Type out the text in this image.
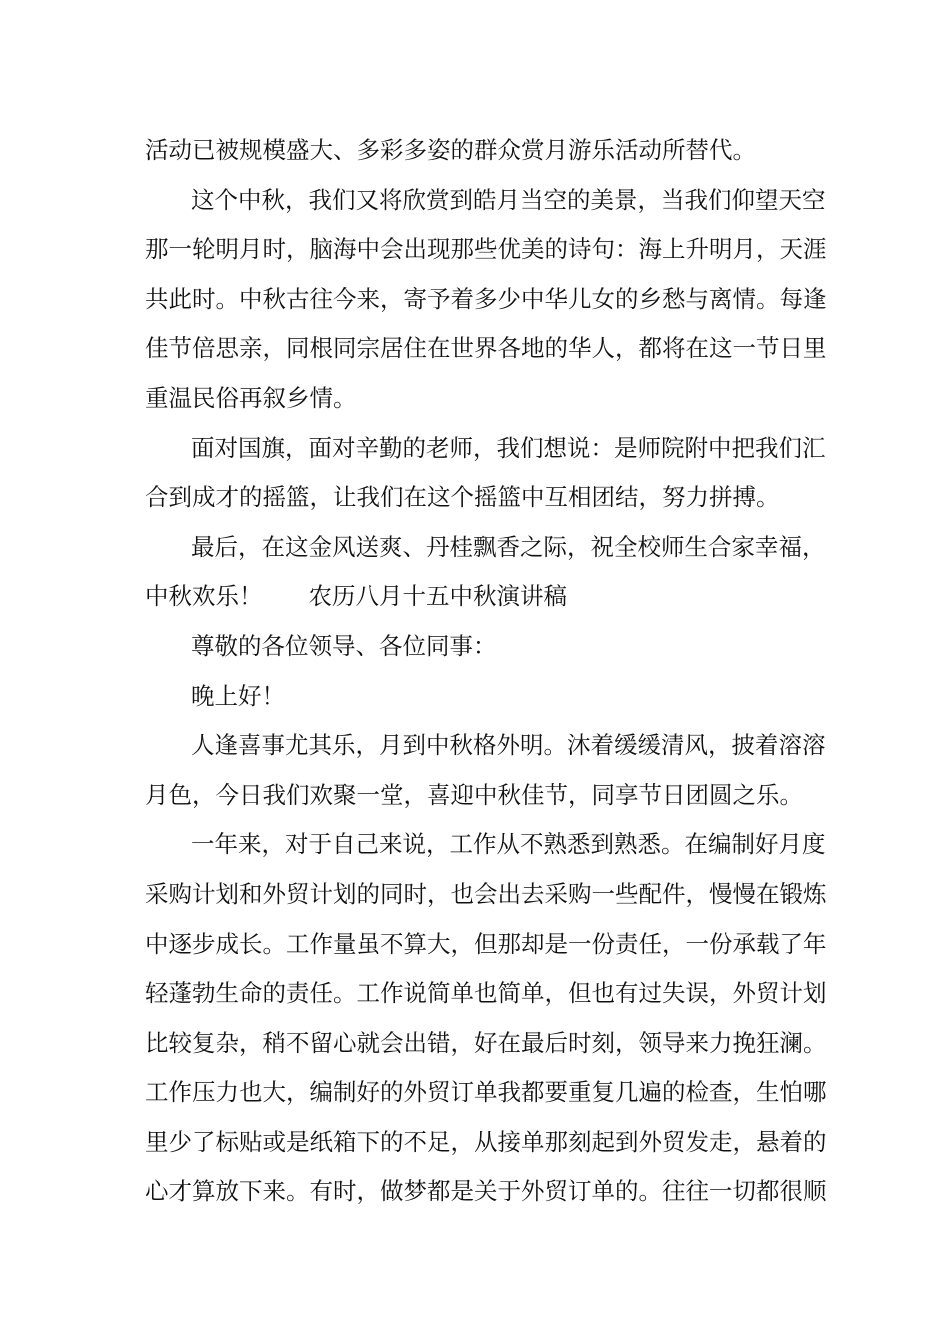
活动已被规模盛大、多彩多姿的群众赏月游乐活动所替代。
这个中秋，我们又将欣赏到皓月当空的美景，当我们仰望天空
那一轮明月时，脑海中会出现那些优美的诗句：海上升明月，天涯
共此时。中秋古往今来，寄予着多少中华儿女的乡愁与离情。每逢
佳节倍思亲，同根同宗居住在世界各地的华人，都将在这一节日里
重温民俗再叙乡情。
面对国旗，面对辛勤的老师，我们想说：是师院附中把我们汇
合到成才的摇篮，让我们在这个摇篮中互相团结，努力拼搏。
最后，在这金风送爽、丹桂飘香之际，祝全校师生合家幸福，
中秋欢乐！ 农历八月十五中秋演讲稿
尊敬的各位领导、各位同事：
晚上好！
人逢喜事尤其乐，月到中秋格外明。沐着缓缓清风，披着溶溶
月色，今日我们欢聚一堂，喜迎中秋佳节，同享节日团圆之乐。
一年来，对于自己来说，工作从不熟悉到熟悉。在编制好月度
采购计划和外贸计划的同时，也会出去采购一些配件，慢慢在锻炼
中逐步成长。工作量虽不算大，但那却是一份责任，一份承载了年
轻蓬勃生命的责任。工作说简单也简单，但也有过失误，外贸计划
比较复杂，稍不留心就会出错，好在最后时刻，领导来力挽狂澜。
工作压力也大，编制好的外贸订单我都要重复几遍的检查，生怕哪
里少了标贴或是纸箱下的不足，从接单那刻起到外贸发走，悬着的
心才算放下来。有时，做梦都是关于外贸订单的。往往一切都很顺
